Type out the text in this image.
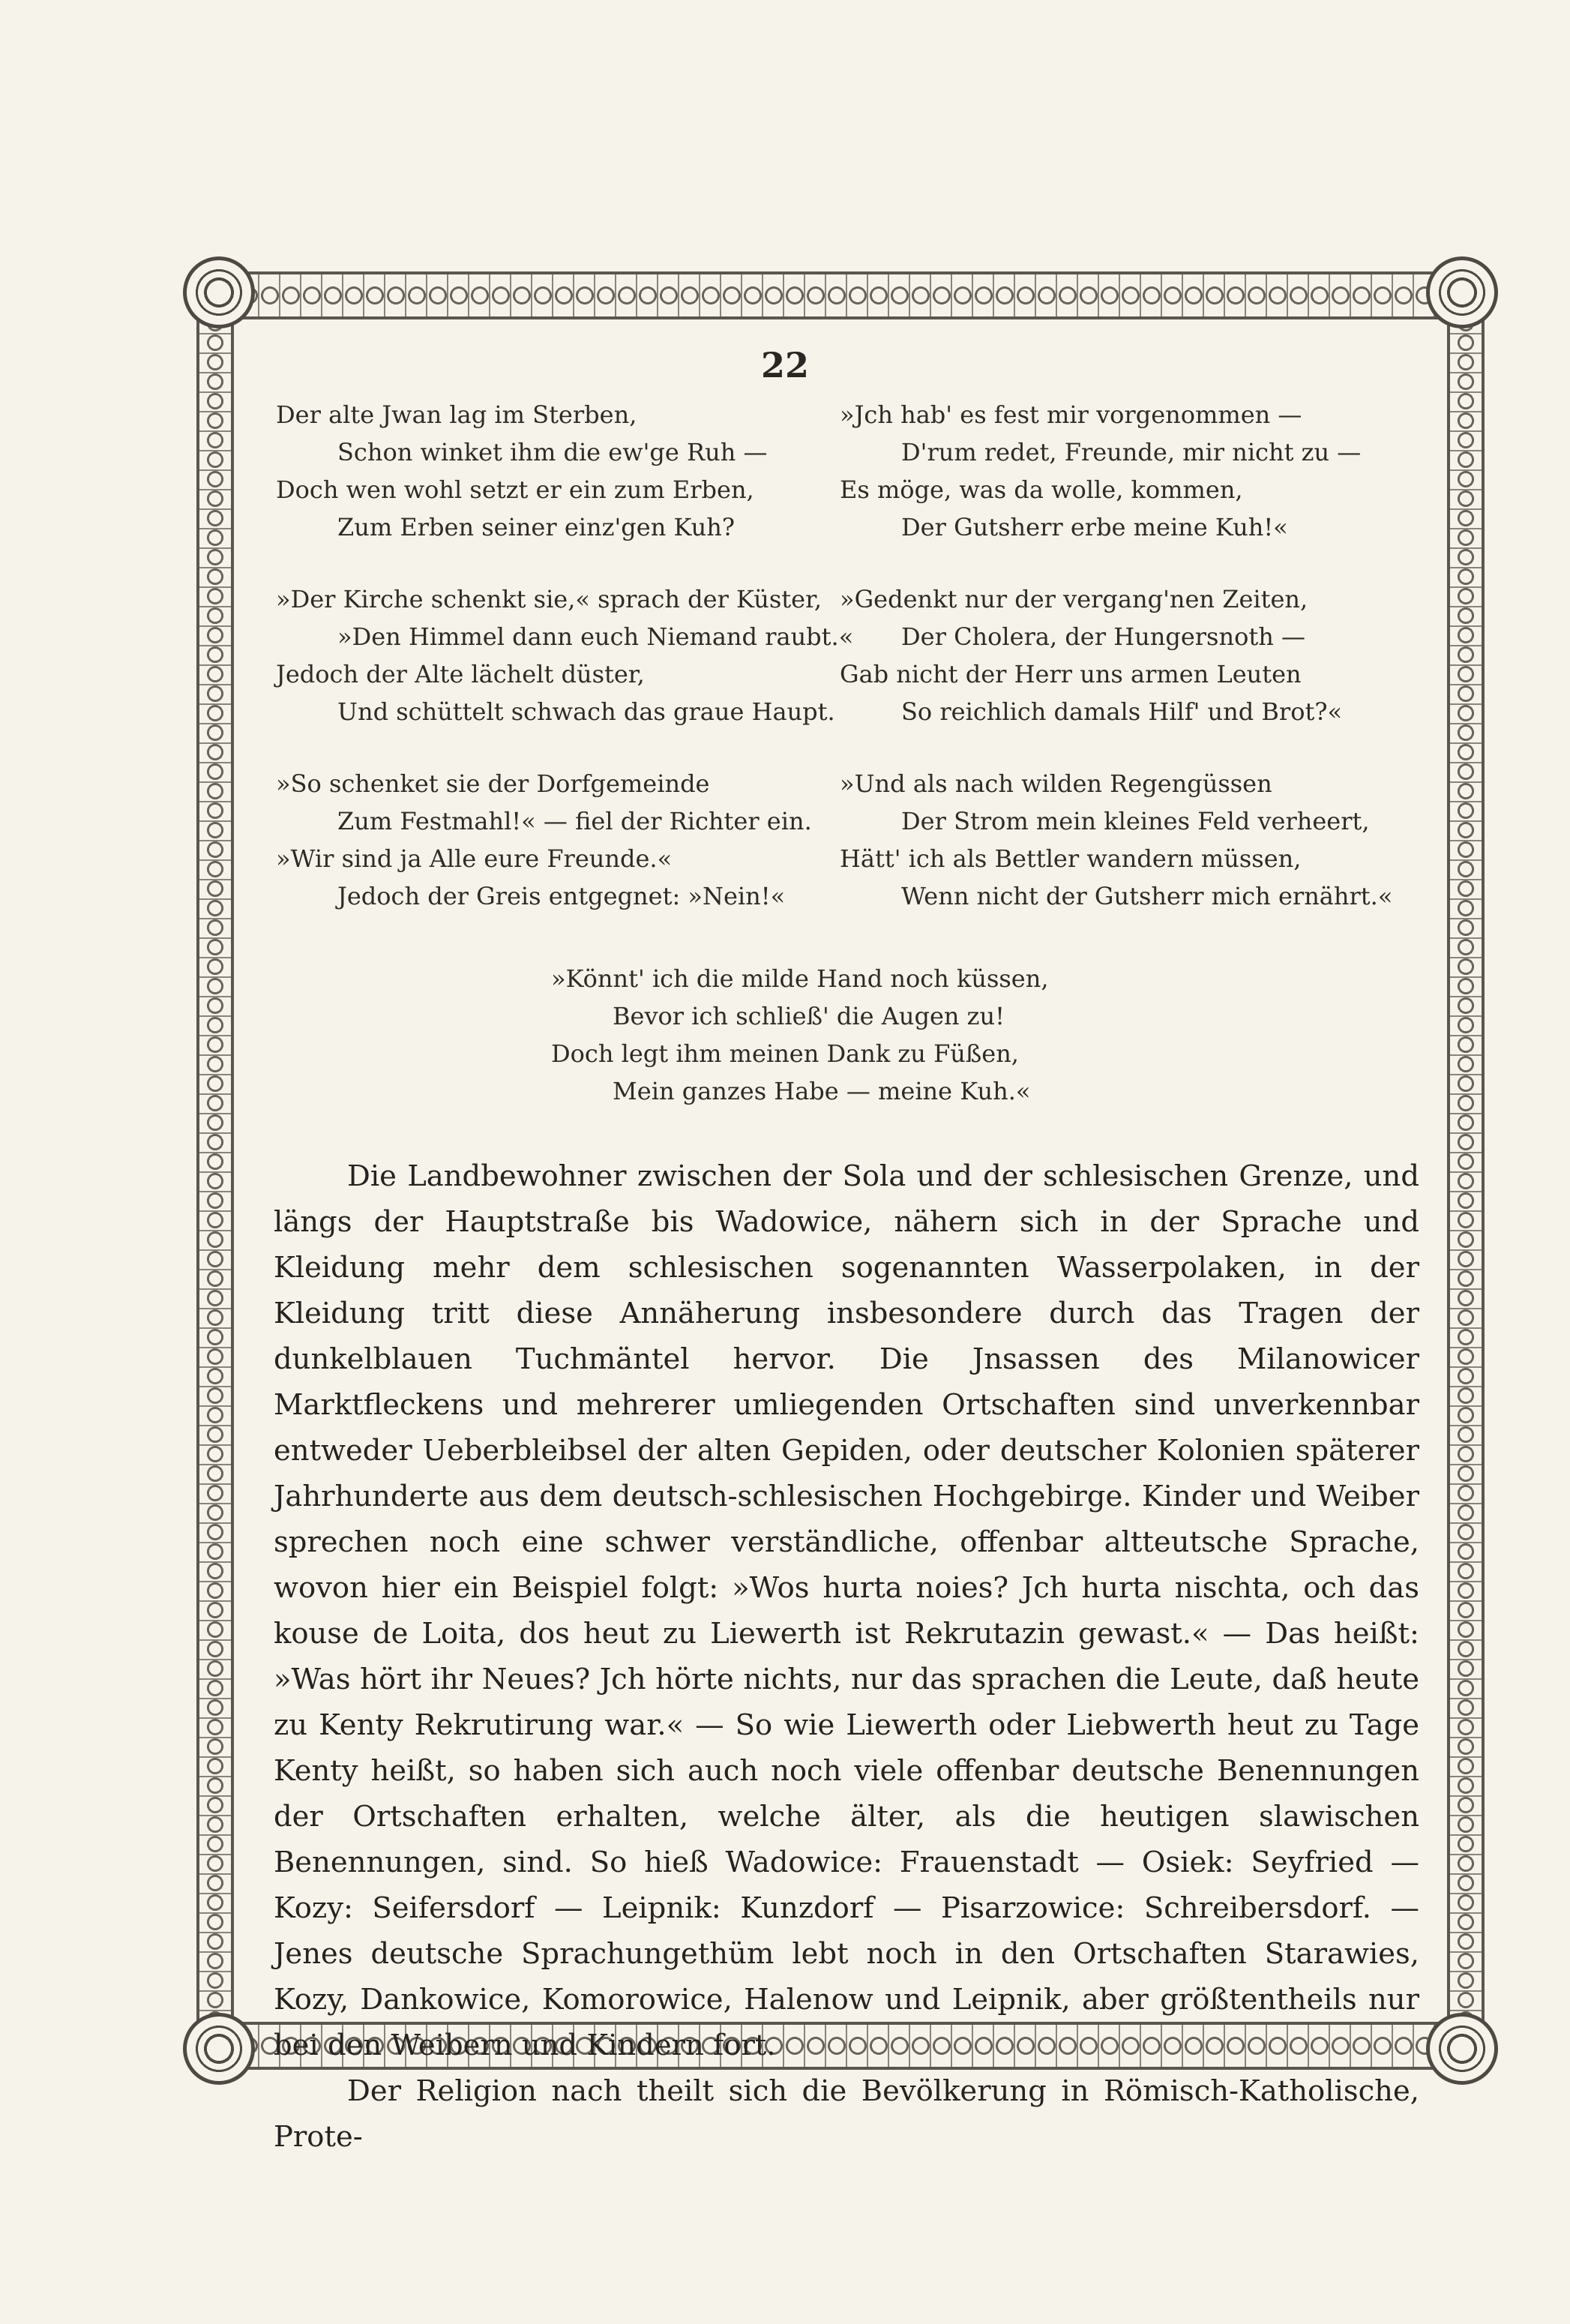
22
Der alte Jwan lag im Sterben,
Schon winket ihm die ew'ge Ruh —
Doch wen wohl setzt er ein zum Erben,
Zum Erben seiner einz'gen Kuh?
»Der Kirche schenkt sie,« sprach der Küster,
»Den Himmel dann euch Niemand raubt.«
Jedoch der Alte lächelt düster,
Und schüttelt schwach das graue Haupt.
»So schenket sie der Dorfgemeinde
Zum Festmahl!« — fiel der Richter ein.
»Wir sind ja Alle eure Freunde.«
Jedoch der Greis entgegnet: »Nein!«
»Jch hab' es fest mir vorgenommen —
D'rum redet, Freunde, mir nicht zu —
Es möge, was da wolle, kommen,
Der Gutsherr erbe meine Kuh!«
»Gedenkt nur der vergang'nen Zeiten,
Der Cholera, der Hungersnoth —
Gab nicht der Herr uns armen Leuten
So reichlich damals Hilf' und Brot?«
»Und als nach wilden Regengüssen
Der Strom mein kleines Feld verheert,
Hätt' ich als Bettler wandern müssen,
Wenn nicht der Gutsherr mich ernährt.«
»Könnt' ich die milde Hand noch küssen,
Bevor ich schließ' die Augen zu!
Doch legt ihm meinen Dank zu Füßen,
Mein ganzes Habe — meine Kuh.«

Die Landbewohner zwischen der Sola und der schlesischen Grenze, und längs der Hauptstraße bis Wadowice, nähern sich in der Sprache und Kleidung mehr dem schlesischen sogenannten Wasserpolaken, in der Kleidung tritt diese Annäherung insbesondere durch das Tragen der dunkelblauen Tuchmäntel hervor. Die Jnsassen des Milanowicer Marktfleckens und mehrerer umliegenden Ortschaften sind unverkennbar entweder Ueberbleibsel der alten Gepiden, oder deutscher Kolonien späterer Jahrhunderte aus dem deutsch-schlesischen Hochgebirge. Kinder und Weiber sprechen noch eine schwer verständliche, offenbar altteutsche Sprache, wovon hier ein Beispiel folgt: »Wos hurta noies? Jch hurta nischta, och das kouse de Loita, dos heut zu Liewerth ist Rekrutazin gewast.« — Das heißt: »Was hört ihr Neues? Jch hörte nichts, nur das sprachen die Leute, daß heute zu Kenty Rekrutirung war.« — So wie Liewerth oder Liebwerth heut zu Tage Kenty heißt, so haben sich auch noch viele offenbar deutsche Benennungen der Ortschaften erhalten, welche älter, als die heutigen slawischen Benennungen, sind. So hieß Wadowice: Frauenstadt — Osiek: Seyfried — Kozy: Seifersdorf — Leipnik: Kunzdorf — Pisarzowice: Schreibersdorf. — Jenes deutsche Sprachungethüm lebt noch in den Ortschaften Starawies, Kozy, Dankowice, Komorowice, Halenow und Leipnik, aber größtentheils nur bei den Weibern und Kindern fort.

Der Religion nach theilt sich die Bevölkerung in Römisch-Katholische, Prote-
